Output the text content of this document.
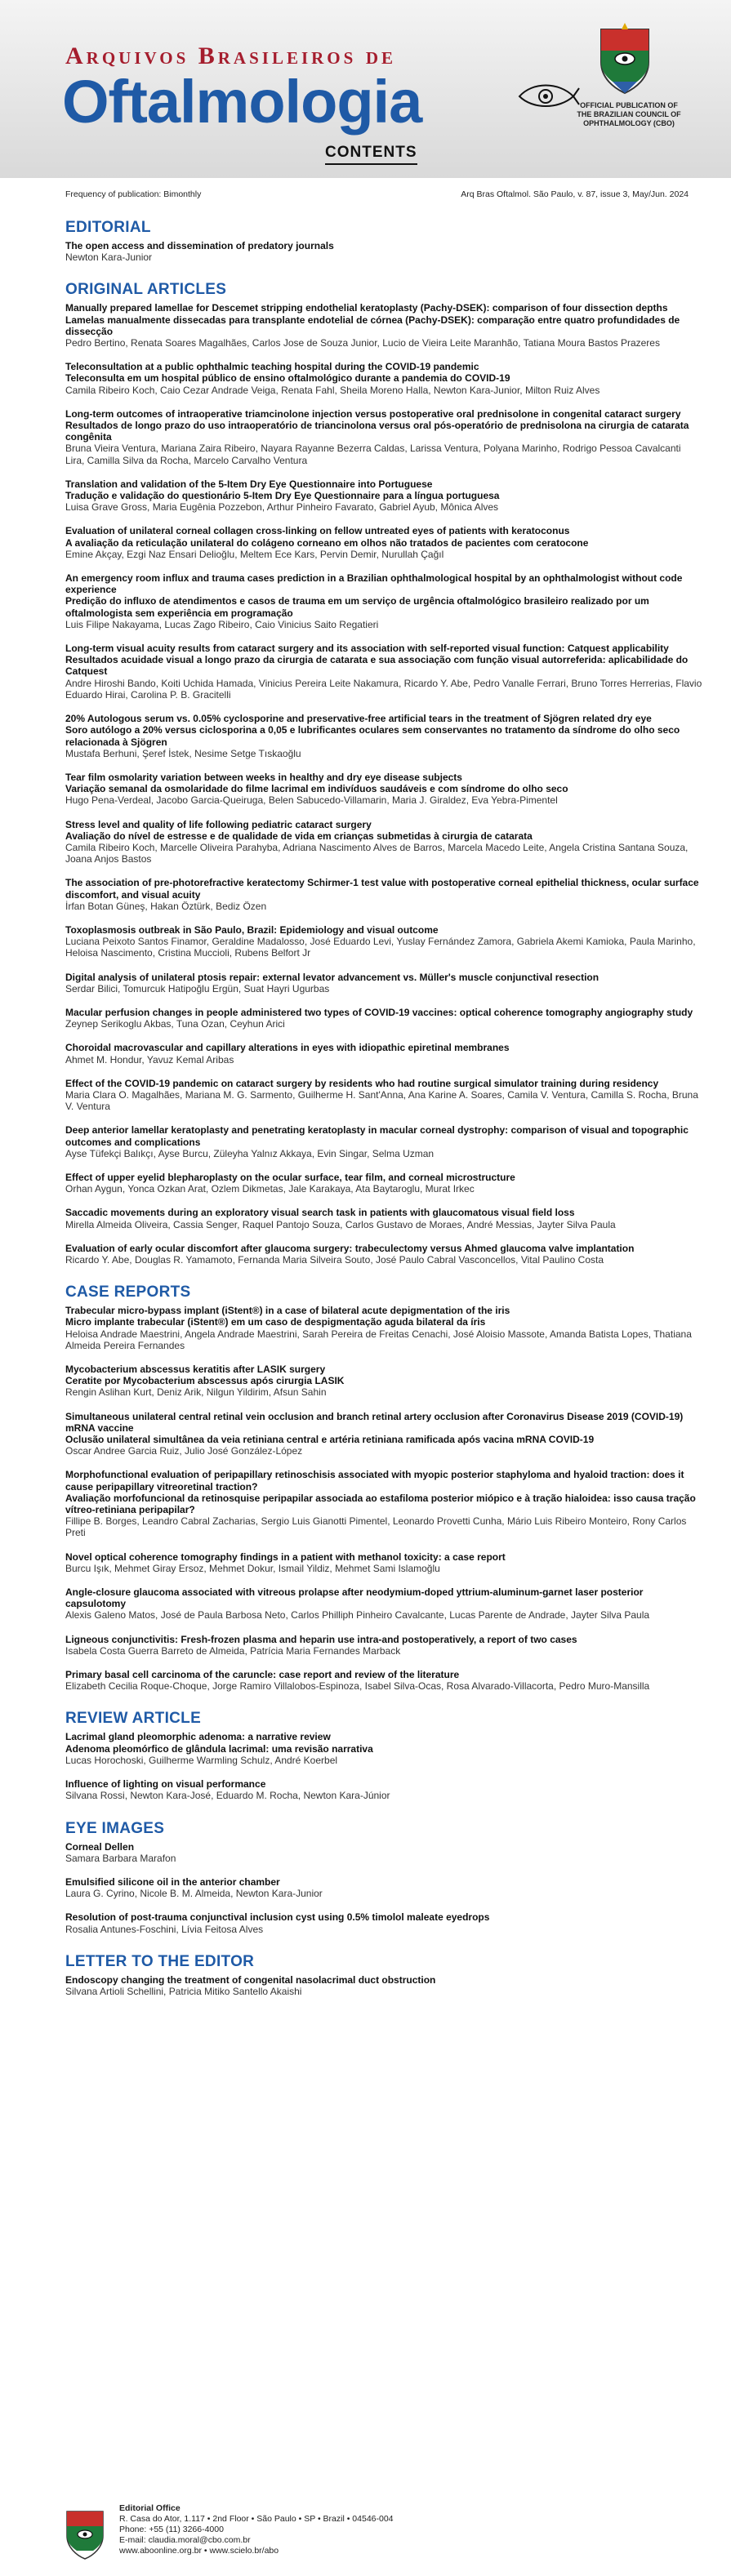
Arquivos Brasileiros de
Oftalmologia	OFFICIAL PUBLICATION OF THE BRAZILIAN COUNCIL OF OPHTHALMOLOGY (CBO)
CONTENTS
Frequency of publication: Bimonthly	Arq Bras Oftalmol. São Paulo, v. 87, issue 3, May/Jun. 2024
EDITORIAL
The open access and dissemination of predatory journals
Newton Kara-Junior
ORIGINAL ARTICLES
Manually prepared lamellae for Descemet stripping endothelial keratoplasty (Pachy-DSEK): comparison of four dissection depths
Lamelas manualmente dissecadas para transplante endotelial de córnea (Pachy-DSEK): comparação entre quatro profundidades de dissecção
Pedro Bertino, Renata Soares Magalhães, Carlos Jose de Souza Junior, Lucio de Vieira Leite Maranhão, Tatiana Moura Bastos Prazeres
Teleconsultation at a public ophthalmic teaching hospital during the COVID-19 pandemic
Teleconsulta em um hospital público de ensino oftalmológico durante a pandemia do COVID-19
Camila Ribeiro Koch, Caio Cezar Andrade Veiga, Renata Fahl, Sheila Moreno Halla, Newton Kara-Junior, Milton Ruiz Alves
Long-term outcomes of intraoperative triamcinolone injection versus postoperative oral prednisolone in congenital cataract surgery
Resultados de longo prazo do uso intraoperatório de triancinolona versus oral pós-operatório de prednisolona na cirurgia de catarata congênita
Bruna Vieira Ventura, Mariana Zaira Ribeiro, Nayara Rayanne Bezerra Caldas, Larissa Ventura, Polyana Marinho, Rodrigo Pessoa Cavalcanti Lira, Camilla Silva da Rocha, Marcelo Carvalho Ventura
Translation and validation of the 5-Item Dry Eye Questionnaire into Portuguese
Tradução e validação do questionário 5-Item Dry Eye Questionnaire para a língua portuguesa
Luisa Grave Gross, Maria Eugênia Pozzebon, Arthur Pinheiro Favarato, Gabriel Ayub, Mônica Alves
Evaluation of unilateral corneal collagen cross-linking on fellow untreated eyes of patients with keratoconus
A avaliação da reticulação unilateral do colágeno corneano em olhos não tratados de pacientes com ceratocone
Emine Akçay, Ezgi Naz Ensari Delioğlu, Meltem Ece Kars, Pervin Demir, Nurullah Çağıl
An emergency room influx and trauma cases prediction in a Brazilian ophthalmological hospital by an ophthalmologist without code experience
Predição do influxo de atendimentos e casos de trauma em um serviço de urgência oftalmológico brasileiro realizado por um oftalmologista sem experiência em programação
Luis Filipe Nakayama, Lucas Zago Ribeiro, Caio Vinicius Saito Regatieri
Long-term visual acuity results from cataract surgery and its association with self-reported visual function: Catquest applicability
Resultados acuidade visual a longo prazo da cirurgia de catarata e sua associação com função visual autorreferida: aplicabilidade do Catquest
Andre Hiroshi Bando, Koiti Uchida Hamada, Vinicius Pereira Leite Nakamura, Ricardo Y. Abe, Pedro Vanalle Ferrari, Bruno Torres Herrerias, Flavio Eduardo Hirai, Carolina P. B. Gracitelli
20% Autologous serum vs. 0.05% cyclosporine and preservative-free artificial tears in the treatment of Sjögren related dry eye
Soro autólogo a 20% versus ciclosporina a 0,05 e lubrificantes oculares sem conservantes no tratamento da síndrome do olho seco relacionada à Sjögren
Mustafa Berhuni, Şeref İstek, Nesime Setge Tıskaoğlu
Tear film osmolarity variation between weeks in healthy and dry eye disease subjects
Variação semanal da osmolaridade do filme lacrimal em indivíduos saudáveis e com síndrome do olho seco
Hugo Pena-Verdeal, Jacobo Garcia-Queiruga, Belen Sabucedo-Villamarin, Maria J. Giraldez, Eva Yebra-Pimentel
Stress level and quality of life following pediatric cataract surgery
Avaliação do nível de estresse e de qualidade de vida em crianças submetidas à cirurgia de catarata
Camila Ribeiro Koch, Marcelle Oliveira Parahyba, Adriana Nascimento Alves de Barros, Marcela Macedo Leite, Angela Cristina Santana Souza, Joana Anjos Bastos
The association of pre-photorefractive keratectomy Schirmer-1 test value with postoperative corneal epithelial thickness, ocular surface discomfort, and visual acuity
İrfan Botan Güneş, Hakan Öztürk, Bediz Özen
Toxoplasmosis outbreak in São Paulo, Brazil: Epidemiology and visual outcome
Luciana Peixoto Santos Finamor, Geraldine Madalosso, José Eduardo Levi, Yuslay Fernández Zamora, Gabriela Akemi Kamioka, Paula Marinho, Heloisa Nascimento, Cristina Muccioli, Rubens Belfort Jr
Digital analysis of unilateral ptosis repair: external levator advancement vs. Müller's muscle conjunctival resection
Serdar Bilici, Tomurcuk Hatipoğlu Ergün, Suat Hayri Ugurbas
Macular perfusion changes in people administered two types of COVID-19 vaccines: optical coherence tomography angiography study
Zeynep Serikoglu Akbas, Tuna Ozan, Ceyhun Arici
Choroidal macrovascular and capillary alterations in eyes with idiopathic epiretinal membranes
Ahmet M. Hondur, Yavuz Kemal Aribas
Effect of the COVID-19 pandemic on cataract surgery by residents who had routine surgical simulator training during residency
Maria Clara O. Magalhães, Mariana M. G. Sarmento, Guilherme H. Sant'Anna, Ana Karine A. Soares, Camila V. Ventura, Camilla S. Rocha, Bruna V. Ventura
Deep anterior lamellar keratoplasty and penetrating keratoplasty in macular corneal dystrophy: comparison of visual and topographic outcomes and complications
Ayse Tüfekçi Balıkçı, Ayse Burcu, Züleyha Yalnız Akkaya, Evin Singar, Selma Uzman
Effect of upper eyelid blepharoplasty on the ocular surface, tear film, and corneal microstructure
Orhan Aygun, Yonca Ozkan Arat, Ozlem Dikmetas, Jale Karakaya, Ata Baytaroglu, Murat Irkec
Saccadic movements during an exploratory visual search task in patients with glaucomatous visual field loss
Mirella Almeida Oliveira, Cassia Senger, Raquel Pantojo Souza, Carlos Gustavo de Moraes, André Messias, Jayter Silva Paula
Evaluation of early ocular discomfort after glaucoma surgery: trabeculectomy versus Ahmed glaucoma valve implantation
Ricardo Y. Abe, Douglas R. Yamamoto, Fernanda Maria Silveira Souto, José Paulo Cabral Vasconcellos, Vital Paulino Costa
CASE REPORTS
Trabecular micro-bypass implant (iStent®) in a case of bilateral acute depigmentation of the iris
Micro implante trabecular (iStent®) em um caso de despigmentação aguda bilateral da íris
Heloisa Andrade Maestrini, Angela Andrade Maestrini, Sarah Pereira de Freitas Cenachi, José Aloisio Massote, Amanda Batista Lopes, Thatiana Almeida Pereira Fernandes
Mycobacterium abscessus keratitis after LASIK surgery
Ceratite por Mycobacterium abscessus após cirurgia LASIK
Rengin Aslihan Kurt, Deniz Arik, Nilgun Yildirim, Afsun Sahin
Simultaneous unilateral central retinal vein occlusion and branch retinal artery occlusion after Coronavirus Disease 2019 (COVID-19) mRNA vaccine
Oclusão unilateral simultânea da veia retiniana central e artéria retiniana ramificada após vacina mRNA COVID-19
Oscar Andree Garcia Ruiz, Julio José González-López
Morphofunctional evaluation of peripapillary retinoschisis associated with myopic posterior staphyloma and hyaloid traction: does it cause peripapillary vitreoretinal traction?
Avaliação morfofuncional da retinosquise peripapilar associada ao estafiloma posterior miópico e à tração hialoidea: isso causa tração vítreo-retiniana peripapilar?
Fillipe B. Borges, Leandro Cabral Zacharias, Sergio Luis Gianotti Pimentel, Leonardo Provetti Cunha, Mário Luis Ribeiro Monteiro, Rony Carlos Preti
Novel optical coherence tomography findings in a patient with methanol toxicity: a case report
Burcu Işık, Mehmet Giray Ersoz, Mehmet Dokur, Ismail Yildiz, Mehmet Sami Islamoğlu
Angle-closure glaucoma associated with vitreous prolapse after neodymium-doped yttrium-aluminum-garnet laser posterior capsulotomy
Alexis Galeno Matos, José de Paula Barbosa Neto, Carlos Philliph Pinheiro Cavalcante, Lucas Parente de Andrade, Jayter Silva Paula
Ligneous conjunctivitis: Fresh-frozen plasma and heparin use intra-and postoperatively, a report of two cases
Isabela Costa Guerra Barreto de Almeida, Patrícia Maria Fernandes Marback
Primary basal cell carcinoma of the caruncle: case report and review of the literature
Elizabeth Cecilia Roque-Choque, Jorge Ramiro Villalobos-Espinoza, Isabel Silva-Ocas, Rosa Alvarado-Villacorta, Pedro Muro-Mansilla
REVIEW ARTICLE
Lacrimal gland pleomorphic adenoma: a narrative review
Adenoma pleomórfico de glândula lacrimal: uma revisão narrativa
Lucas Horochoski, Guilherme Warmling Schulz, André Koerbel
Influence of lighting on visual performance
Silvana Rossi, Newton Kara-José, Eduardo M. Rocha, Newton Kara-Júnior
EYE IMAGES
Corneal Dellen
Samara Barbara Marafon
Emulsified silicone oil in the anterior chamber
Laura G. Cyrino, Nicole B. M. Almeida, Newton Kara-Junior
Resolution of post-trauma conjunctival inclusion cyst using 0.5% timolol maleate eyedrops
Rosalia Antunes-Foschini, Lívia Feitosa Alves
LETTER TO THE EDITOR
Endoscopy changing the treatment of congenital nasolacrimal duct obstruction
Silvana Artioli Schellini, Patricia Mitiko Santello Akaishi
Editorial Office
R. Casa do Ator, 1.117 • 2nd Floor • São Paulo • SP • Brazil • 04546-004
Phone: +55 (11) 3266-4000
E-mail: claudia.moral@cbo.com.br
www.aboonline.org.br • www.scielo.br/abo
